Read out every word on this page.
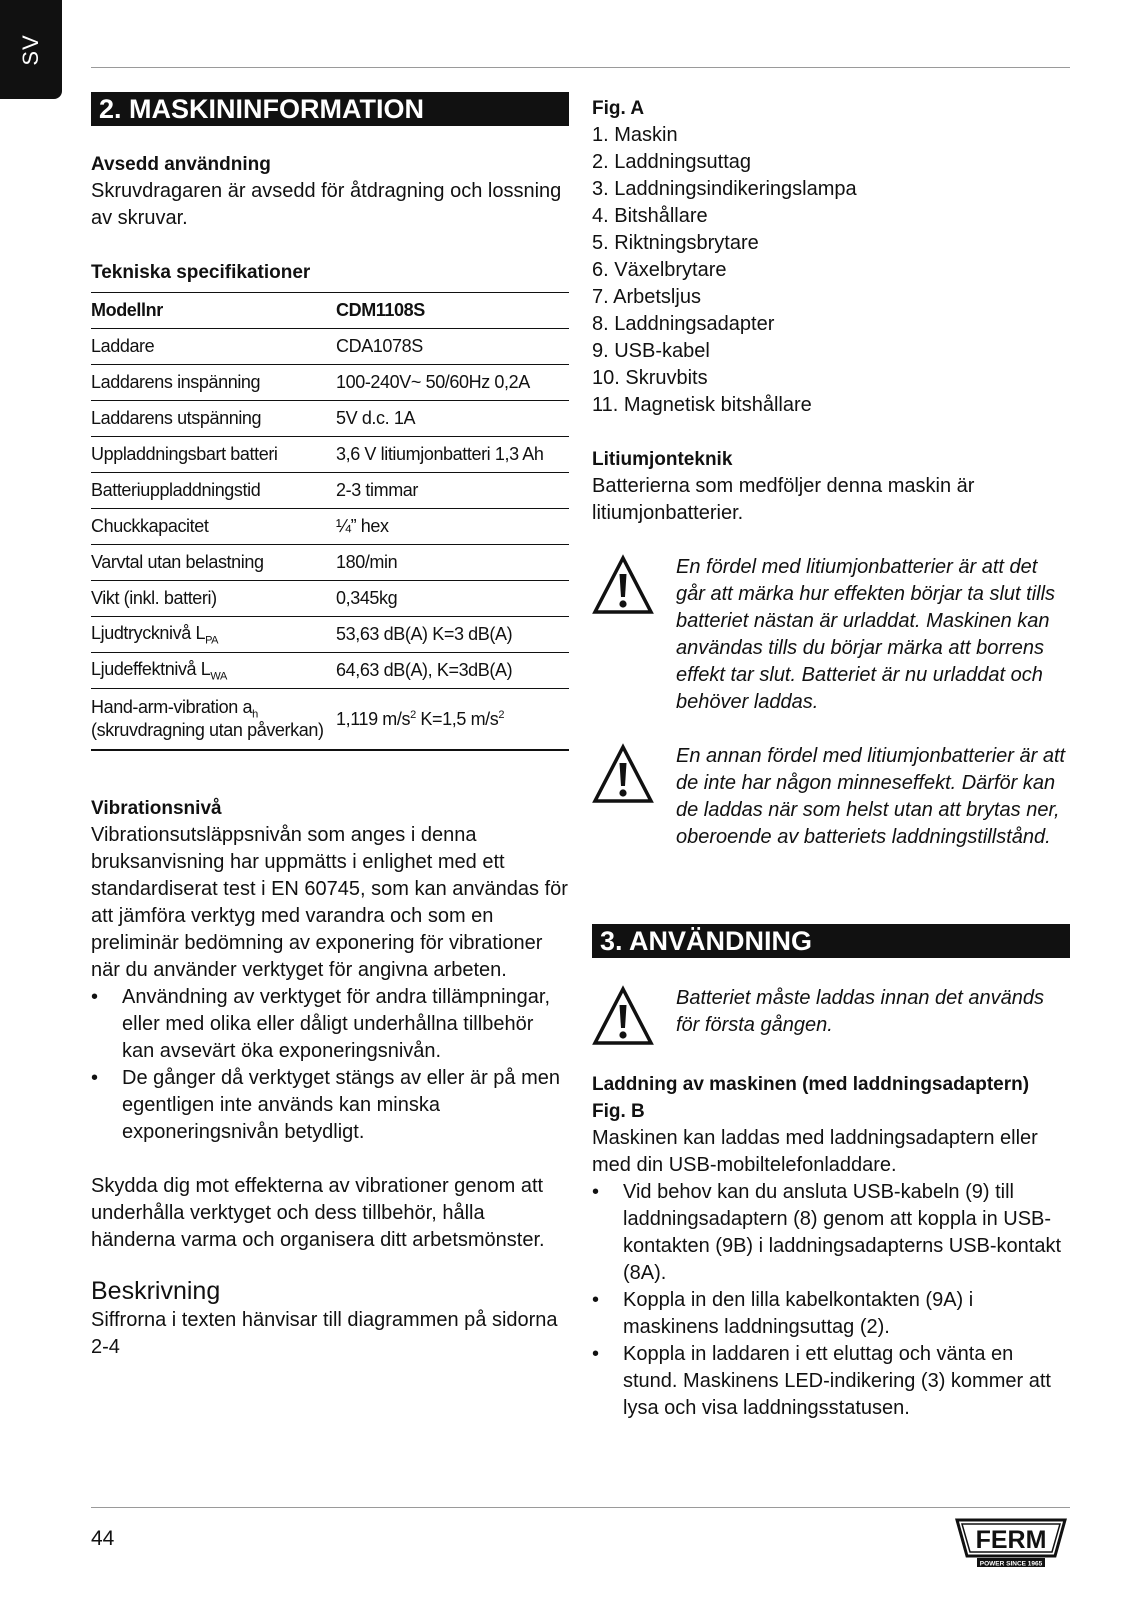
SV
2. MASKININFORMATION

Avsedd användning

Skruvdragaren är avsedd för åtdragning och lossning av skruvar.

Tekniska specifikationer

Modellnr	CDM1108S
Laddare	CDA1078S
Laddarens inspänning	100-240V~ 50/60Hz 0,2A
Laddarens utspänning	5V d.c. 1A
Uppladdningsbart batteri	3,6 V litiumjonbatteri 1,3 Ah
Batteriuppladdningstid	2-3 timmar
Chuckkapacitet	¼” hex
Varvtal utan belastning	180/min
Vikt (inkl. batteri)	0,345kg
Ljudtrycknivå $L_{PA}$	53,63 dB(A) K=3 dB(A)
Ljudeffektnivå $L_{WA}$	64,63 dB(A), K=3dB(A)
Hand-arm-vibration $a_h$
(skruvdragning utan påverkan)	1,119 $m/s^2$ K=1,5 $m/s^2$

Vibrationsnivå

Vibrationsutsläppsnivån som anges i denna bruksanvisning har uppmätts i enlighet med ett standardiserat test i EN 60745, som kan användas för att jämföra verktyg med varandra och som en preliminär bedömning av exponering för vibrationer när du använder verktyget för angivna arbeten.

• Användning av verktyget för andra tillämpningar, eller med olika eller dåligt underhållna tillbehör kan avsevärt öka exponeringsnivån.
• De gånger då verktyget stängs av eller är på men egentligen inte används kan minska exponeringsnivån betydligt.

Skydda dig mot effekterna av vibrationer genom att underhålla verktyget och dess tillbehör, hålla händerna varma och organisera ditt arbetsmönster.

Beskrivning

Siffrorna i texten hänvisar till diagrammen på sidorna 2-4

Fig. A

1. Maskin
2. Laddningsuttag
3. Laddningsindikeringslampa
4. Bitshållare
5. Riktningsbrytare
6. Växelbrytare
7. Arbetsljus
8. Laddningsadapter
9. USB-kabel
10. Skruvbits
11. Magnetisk bitshållare

Litiumjonteknik

Batterierna som medföljer denna maskin är litiumjonbatterier.

En fördel med litiumjonbatterier är att det går att märka hur effekten börjar ta slut tills batteriet nästan är urladdat. Maskinen kan användas tills du börjar märka att borrens effekt tar slut. Batteriet är nu urladdat och behöver laddas.

En annan fördel med litiumjonbatterier är att de inte har någon minneseffekt. Därför kan de laddas när som helst utan att brytas ner, oberoende av batteriets laddningstillstånd.

3. ANVÄNDNING

Batteriet måste laddas innan det används för första gången.

Laddning av maskinen (med laddningsadaptern)

Fig. B

Maskinen kan laddas med laddningsadaptern eller med din USB-mobiltelefonladdare.

• Vid behov kan du ansluta USB-kabeln (9) till laddningsadaptern (8) genom att koppla in USB-kontakten (9B) i laddningsadapterns USB-kontakt (8A).
• Koppla in den lilla kabelkontakten (9A) i maskinens laddningsuttag (2).
• Koppla in laddaren i ett eluttag och vänta en stund. Maskinens LED-indikering (3) kommer att lysa och visa laddningsstatusen.
44	FERM
POWER SINCE 1965
